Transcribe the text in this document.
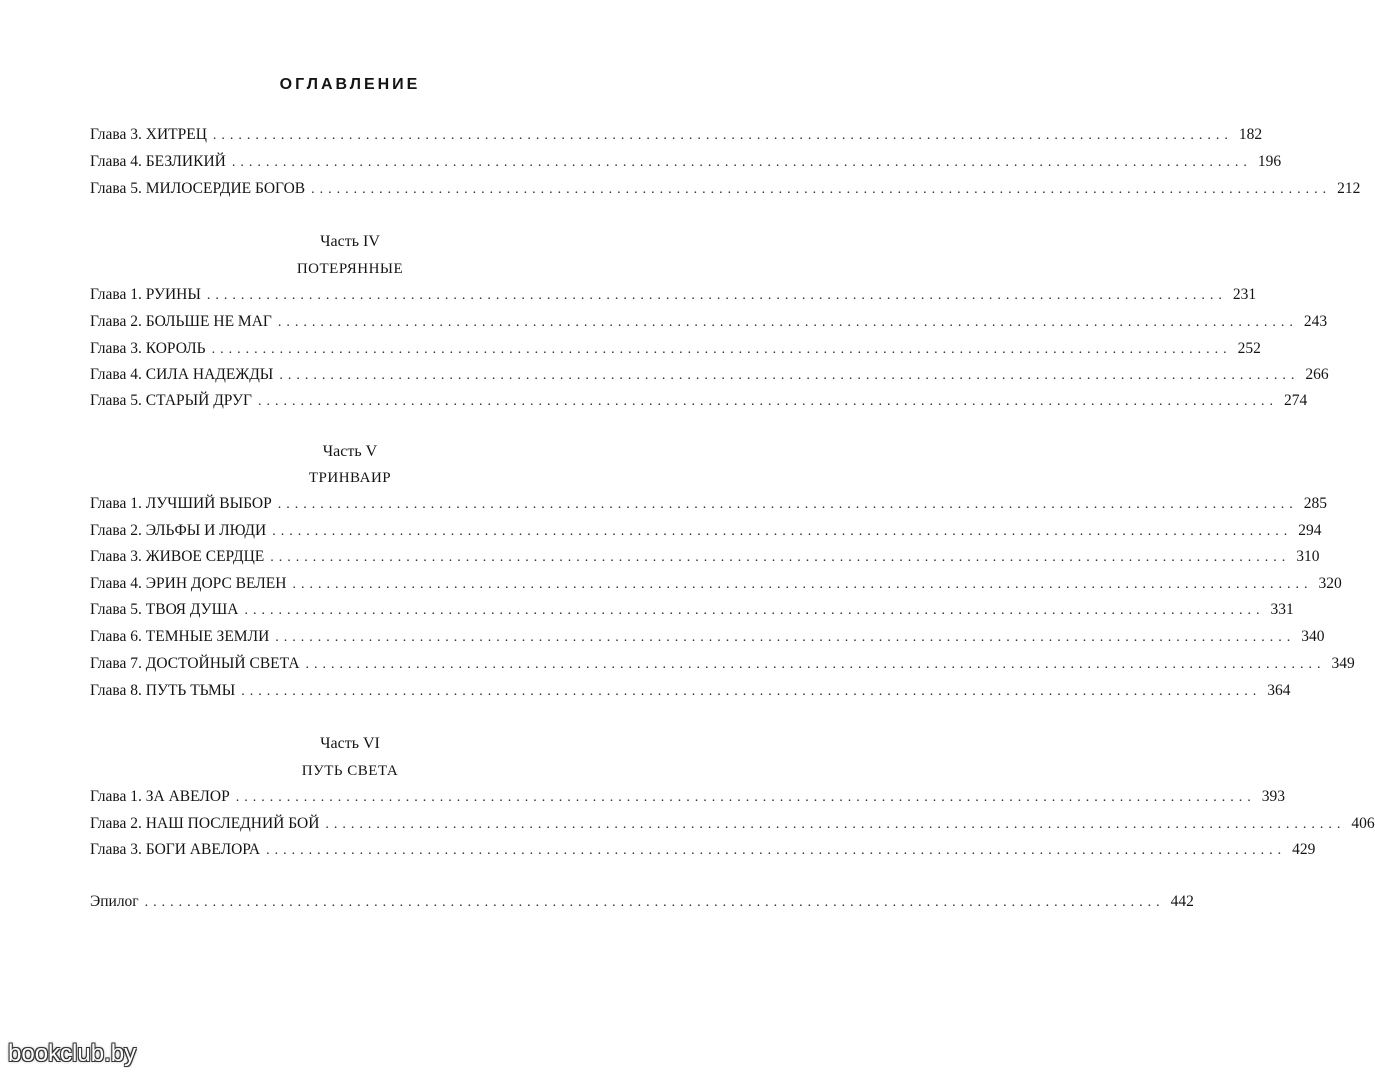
ОГЛАВЛЕНИЕ
Глава 3. ХИТРЕЦ ........................................................................................................................ 182
Глава 4. БЕЗЛИКИЙ ........................................................................................................................ 196
Глава 5. МИЛОСЕРДИЕ БОГОВ ........................................................................................................................ 212
Часть IV
ПОТЕРЯННЫЕ
Глава 1. РУИНЫ ........................................................................................................................ 231
Глава 2. БОЛЬШЕ НЕ МАГ ........................................................................................................................ 243
Глава 3. КОРОЛЬ ........................................................................................................................ 252
Глава 4. СИЛА НАДЕЖДЫ ........................................................................................................................ 266
Глава 5. СТАРЫЙ ДРУГ ........................................................................................................................ 274
Часть V
ТРИНВАИР
Глава 1. ЛУЧШИЙ ВЫБОР ........................................................................................................................ 285
Глава 2. ЭЛЬФЫ И ЛЮДИ ........................................................................................................................ 294
Глава 3. ЖИВОЕ СЕРДЦЕ ........................................................................................................................ 310
Глава 4. ЭРИН ДОРС ВЕЛЕН ........................................................................................................................ 320
Глава 5. ТВОЯ ДУША ........................................................................................................................ 331
Глава 6. ТЕМНЫЕ ЗЕМЛИ ........................................................................................................................ 340
Глава 7. ДОСТОЙНЫЙ СВЕТА ........................................................................................................................ 349
Глава 8. ПУТЬ ТЬМЫ ........................................................................................................................ 364
Часть VI
ПУТЬ СВЕТА
Глава 1. ЗА АВЕЛОР ........................................................................................................................ 393
Глава 2. НАШ ПОСЛЕДНИЙ БОЙ ........................................................................................................................ 406
Глава 3. БОГИ АВЕЛОРА ........................................................................................................................ 429
Эпилог ........................................................................................................................ 442
bookclub.by
